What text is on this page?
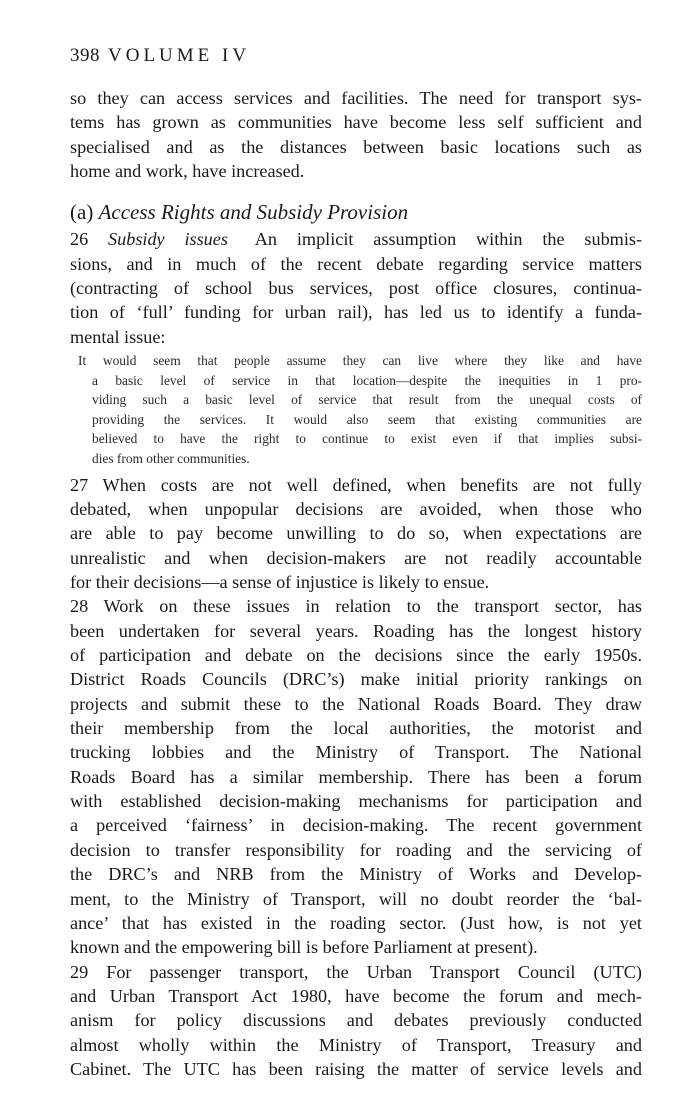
398 VOLUME IV
so they can access services and facilities. The need for transport sys-
tems has grown as communities have become less self sufficient and
specialised and as the distances between basic locations such as
home and work, have increased.
(a) Access Rights and Subsidy Provision
26 Subsidy issues An implicit assumption within the submis-
sions, and in much of the recent debate regarding service matters
(contracting of school bus services, post office closures, continua-
tion of ‘full’ funding for urban rail), has led us to identify a funda-
mental issue:
It would seem that people assume they can live where they like and have
a basic level of service in that location—despite the inequities in 1 pro-
viding such a basic level of service that result from the unequal costs of
providing the services. It would also seem that existing communities are
believed to have the right to continue to exist even if that implies subsi-
dies from other communities.
27 When costs are not well defined, when benefits are not fully
debated, when unpopular decisions are avoided, when those who
are able to pay become unwilling to do so, when expectations are
unrealistic and when decision-makers are not readily accountable
for their decisions—a sense of injustice is likely to ensue.
28 Work on these issues in relation to the transport sector, has
been undertaken for several years. Roading has the longest history
of participation and debate on the decisions since the early 1950s.
District Roads Councils (DRC’s) make initial priority rankings on
projects and submit these to the National Roads Board. They draw
their membership from the local authorities, the motorist and
trucking lobbies and the Ministry of Transport. The National
Roads Board has a similar membership. There has been a forum
with established decision-making mechanisms for participation and
a perceived ‘fairness’ in decision-making. The recent government
decision to transfer responsibility for roading and the servicing of
the DRC’s and NRB from the Ministry of Works and Develop-
ment, to the Ministry of Transport, will no doubt reorder the ‘bal-
ance’ that has existed in the roading sector. (Just how, is not yet
known and the empowering bill is before Parliament at present).
29 For passenger transport, the Urban Transport Council (UTC)
and Urban Transport Act 1980, have become the forum and mech-
anism for policy discussions and debates previously conducted
almost wholly within the Ministry of Transport, Treasury and
Cabinet. The UTC has been raising the matter of service levels and
